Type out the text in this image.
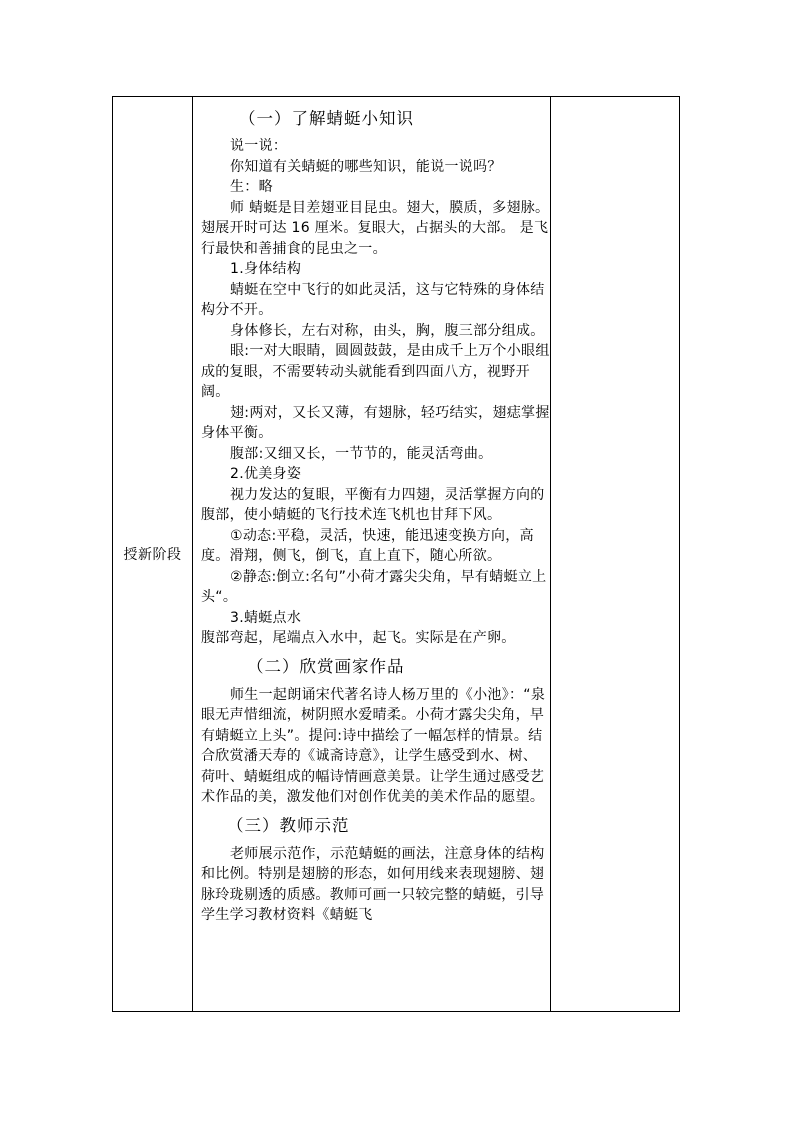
授新阶段

（一）了解蜻蜓小知识

说一说：

你知道有关蜻蜓的哪些知识，能说一说吗？

生：略

师 蜻蜓是目差翅亚目昆虫。翅大，膜质，多翅脉。翅展开时可达 16 厘米。复眼大，占据头的大部。 是飞行最快和善捕食的昆虫之一。

1.身体结构

蜻蜓在空中飞行的如此灵活，这与它特殊的身体结构分不开。

身体修长，左右对称，由头，胸，腹三部分组成。

眼:一对大眼睛，圆圆鼓鼓，是由成千上万个小眼组成的复眼，不需要转动头就能看到四面八方，视野开阔。

翅:两对，又长又薄，有翅脉，轻巧结实，翅痣掌握身体平衡。

腹部:又细又长，一节节的，能灵活弯曲。

2.优美身姿

视力发达的复眼，平衡有力四翅，灵活掌握方向的腹部，使小蜻蜓的飞行技术连飞机也甘拜下风。

①动态:平稳，灵活，快速，能迅速变换方向，高度。滑翔，侧飞，倒飞，直上直下，随心所欲。

②静态:倒立:名句”小荷才露尖尖角，早有蜻蜓立上头“。

3.蜻蜓点水

腹部弯起，尾端点入水中，起飞。实际是在产卵。

（二）欣赏画家作品

师生一起朗诵宋代著名诗人杨万里的《小池》：“泉眼无声惜细流，树阴照水爱晴柔。小荷才露尖尖角，早有蜻蜓立上头”。提问:诗中描绘了一幅怎样的情景。结合欣赏潘天寿的《诚斋诗意》，让学生感受到水、树、荷叶、蜻蜓组成的幅诗情画意美景。让学生通过感受艺术作品的美，激发他们对创作优美的美术作品的愿望。

（三）教师示范

老师展示范作，示范蜻蜓的画法，注意身体的结构和比例。特别是翅膀的形态，如何用线来表现翅膀、翅脉玲珑剔透的质感。教师可画一只较完整的蜻蜓，引导学生学习教材资料《蜻蜓飞
